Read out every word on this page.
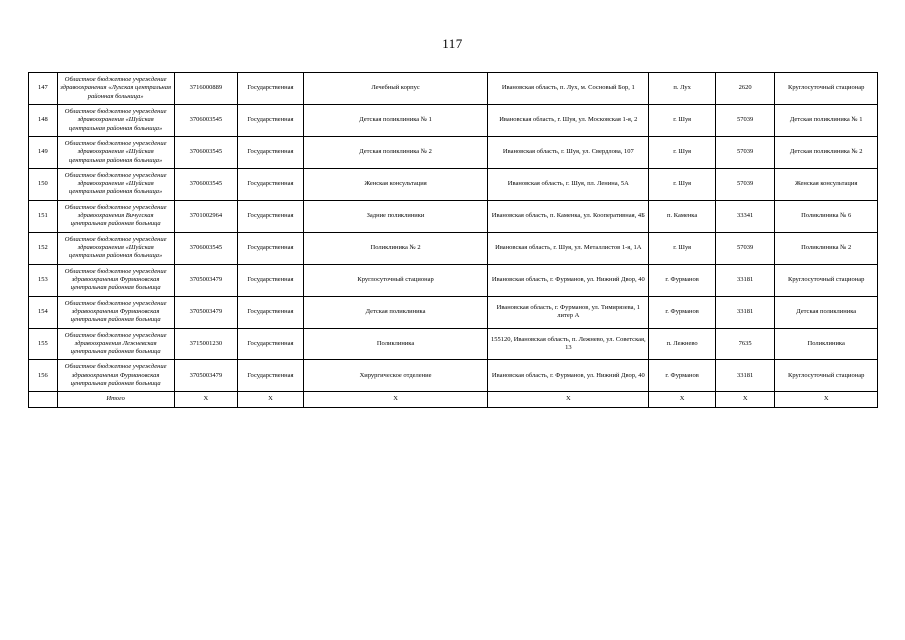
117
147	Областное бюджетное учреждение здравоохранения «Лухская центральная районная больница»	3716000889	Государственная	Лечебный корпус	Ивановская область, п. Лух, м. Сосновый Бор, 1	п. Лух	2620	Круглосуточный стационар
148	Областное бюджетное учреждение здравоохранения «Шуйская центральная районная больница»	3706003545	Государственная	Детская поликлиника № 1	Ивановская область, г. Шуя, ул. Московская 1-я, 2	г. Шуя	57039	Детская поликлиника № 1
149	Областное бюджетное учреждение здравоохранения «Шуйская центральная районная больница»	3706003545	Государственная	Детская поликлиника № 2	Ивановская область, г. Шуя, ул. Свердлова, 107	г. Шуя	57039	Детская поликлиника № 2
150	Областное бюджетное учреждение здравоохранения «Шуйская центральная районная больница»	3706003545	Государственная	Женская консультация	Ивановская область, г. Шуя, пл. Ленина, 5А	г. Шуя	57039	Женская консультация
151	Областное бюджетное учреждение здравоохранения Вичугская центральная районная больница	3701002964	Государственная	Задние поликлиники	Ивановская область, п. Каменка, ул. Кооперативная, 4Б	п. Каменка	33341	Поликлиника № 6
152	Областное бюджетное учреждение здравоохранения «Шуйская центральная районная больница»	3706003545	Государственная	Поликлиника № 2	Ивановская область, г. Шуя, ул. Металлистов 1-я, 1А	г. Шуя	57039	Поликлиника № 2
153	Областное бюджетное учреждение здравоохранения Фурмановская центральная районная больница	3705003479	Государственная	Круглосуточный стационар	Ивановская область, г. Фурманов, ул. Нижний Двор, 40	г. Фурманов	33181	Круглосуточный стационар
154	Областное бюджетное учреждение здравоохранения Фурмановская центральная районная больница	3705003479	Государственная	Детская поликлиника	Ивановская область, г. Фурманов, ул. Тимирязева, 1 литер А	г. Фурманов	33181	Детская поликлиника
155	Областное бюджетное учреждение здравоохранения Лежневская центральная районная больница	3715001230	Государственная	Поликлиника	155120, Ивановская область, п. Лежнево, ул. Советская, 13	п. Лежнево	7635	Поликлиника
156	Областное бюджетное учреждение здравоохранения Фурмановская центральная районная больница	3705003479	Государственная	Хирургическое отделение	Ивановская область, г. Фурманов, ул. Нижний Двор, 40	г. Фурманов	33181	Круглосуточный стационар
	Итого	X	X	X	X	X	X	X
